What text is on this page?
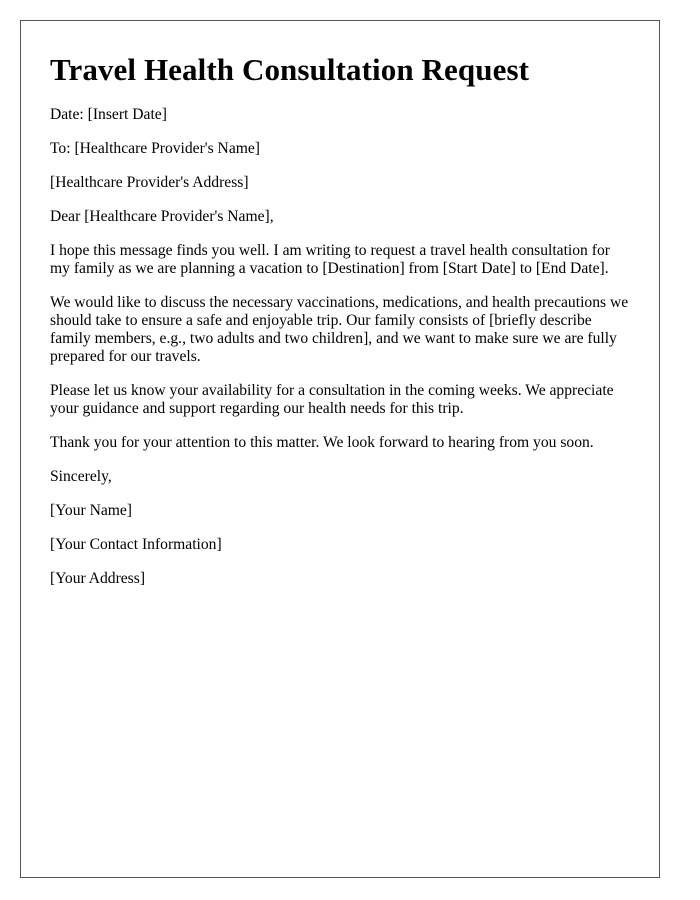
Travel Health Consultation Request

Date: [Insert Date]

To: [Healthcare Provider's Name]

[Healthcare Provider's Address]

Dear [Healthcare Provider's Name],

I hope this message finds you well. I am writing to request a travel health consultation for my family as we are planning a vacation to [Destination] from [Start Date] to [End Date].

We would like to discuss the necessary vaccinations, medications, and health precautions we should take to ensure a safe and enjoyable trip. Our family consists of [briefly describe family members, e.g., two adults and two children], and we want to make sure we are fully prepared for our travels.

Please let us know your availability for a consultation in the coming weeks. We appreciate your guidance and support regarding our health needs for this trip.

Thank you for your attention to this matter. We look forward to hearing from you soon.

Sincerely,

[Your Name]

[Your Contact Information]

[Your Address]
